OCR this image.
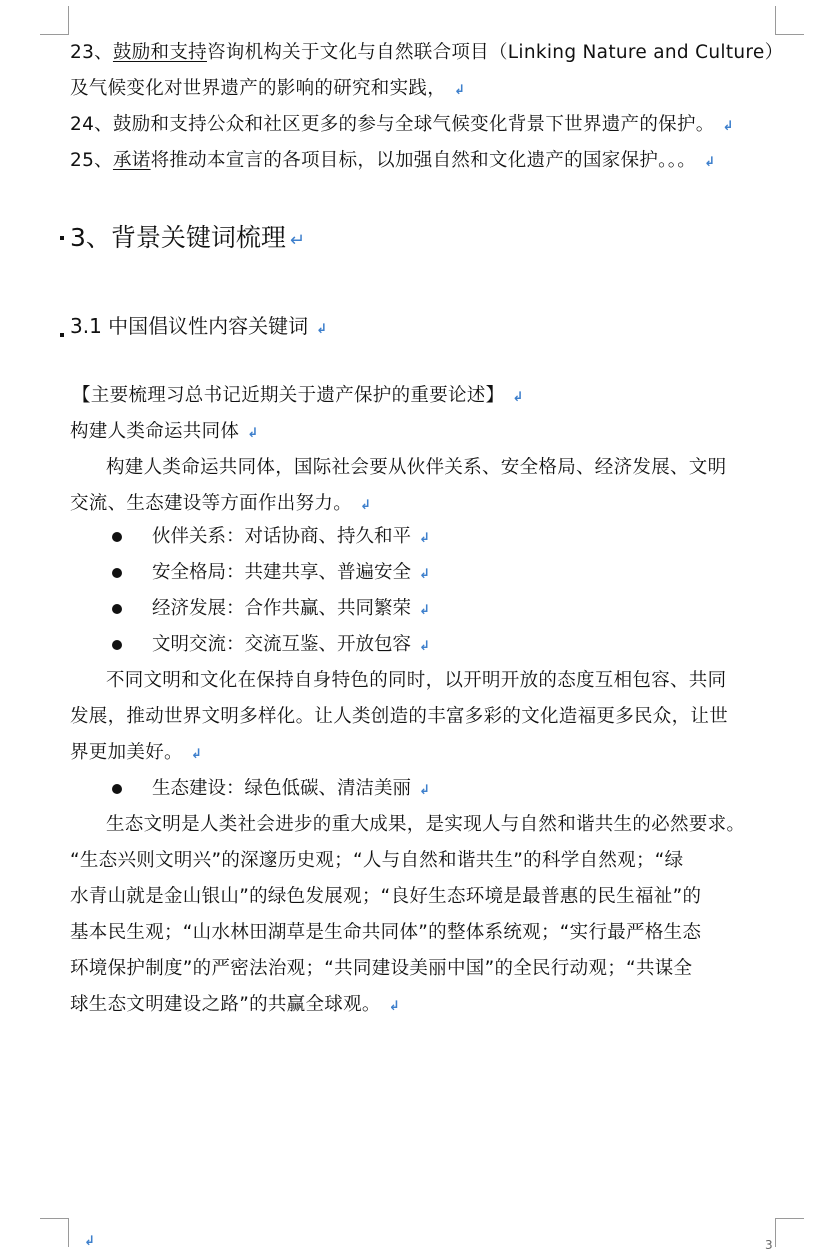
23、鼓励和支持咨询机构关于文化与自然联合项目（Linking Nature and Culture）
及气候变化对世界遗产的影响的研究和实践， ↲
24、鼓励和支持公众和社区更多的参与全球气候变化背景下世界遗产的保护。 ↲
25、承诺将推动本宣言的各项目标，以加强自然和文化遗产的国家保护。。。 ↲
3、背景关键词梳理 ↵
3.1 中国倡议性内容关键词 ↲
【主要梳理习总书记近期关于遗产保护的重要论述】 ↲
构建人类命运共同体 ↲
构建人类命运共同体，国际社会要从伙伴关系、安全格局、经济发展、文明
交流、生态建设等方面作出努力。 ↲
伙伴关系：对话协商、持久和平 ↲
安全格局：共建共享、普遍安全 ↲
经济发展：合作共赢、共同繁荣 ↲
文明交流：交流互鉴、开放包容 ↲
不同文明和文化在保持自身特色的同时，以开明开放的态度互相包容、共同
发展，推动世界文明多样化。让人类创造的丰富多彩的文化造福更多民众，让世
界更加美好。 ↲
生态建设：绿色低碳、清洁美丽 ↲
生态文明是人类社会进步的重大成果，是实现人与自然和谐共生的必然要求。
“生态兴则文明兴”的深邃历史观；“人与自然和谐共生”的科学自然观；“绿
水青山就是金山银山”的绿色发展观；“良好生态环境是最普惠的民生福祉”的
基本民生观；“山水林田湖草是生命共同体”的整体系统观；“实行最严格生态
环境保护制度”的严密法治观；“共同建设美丽中国”的全民行动观；“共谋全
球生态文明建设之路”的共赢全球观。 ↲
↲	3
